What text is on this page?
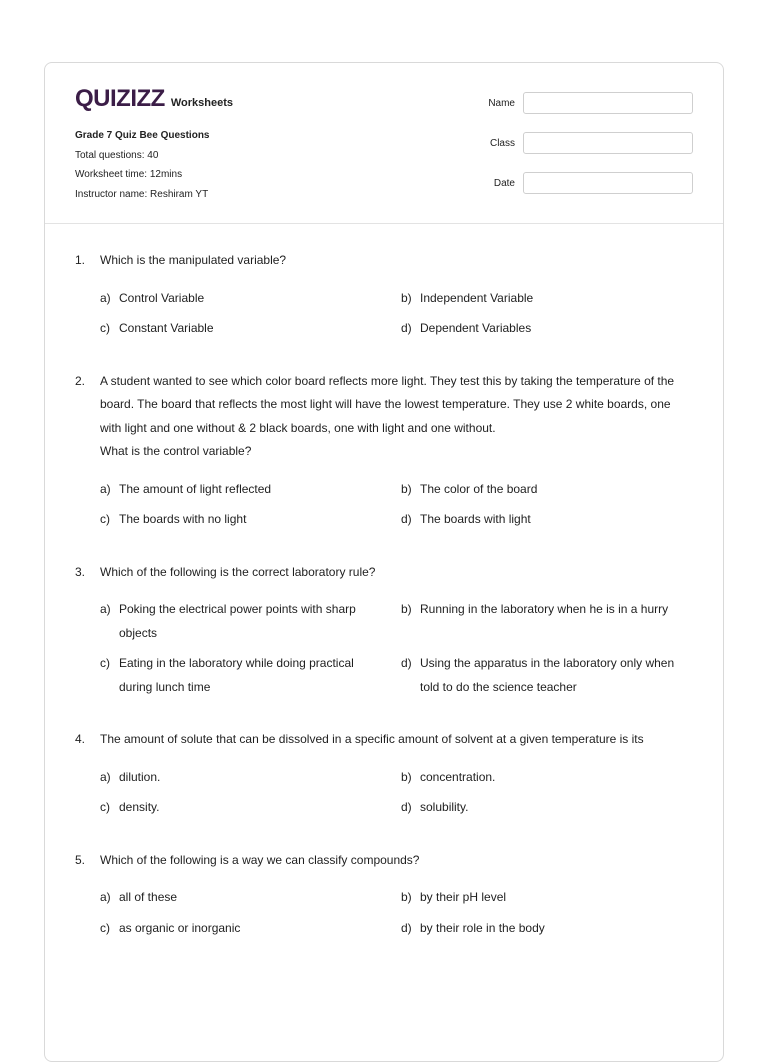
QUIZIZZ Worksheets
Grade 7 Quiz Bee Questions
Total questions: 40
Worksheet time: 12mins
Instructor name: Reshiram YT
Name
Class
Date
1.	Which is the manipulated variable?
a) Control Variable	b) Independent Variable
c) Constant Variable	d) Dependent Variables
2.	A student wanted to see which color board reflects more light. They test this by taking the temperature of the board. The board that reflects the most light will have the lowest temperature. They use 2 white boards, one with light and one without & 2 black boards, one with light and one without.
What is the control variable?
a) The amount of light reflected	b) The color of the board
c) The boards with no light	d) The boards with light
3.	Which of the following is the correct laboratory rule?
a) Poking the electrical power points with sharp objects
b) Running in the laboratory when he is in a hurry
c) Eating in the laboratory while doing practical during lunch time
d) Using the apparatus in the laboratory only when told to do the science teacher
4.	The amount of solute that can be dissolved in a specific amount of solvent at a given temperature is its
a) dilution.	b) concentration.
c) density.	d) solubility.
5.	Which of the following is a way we can classify compounds?
a) all of these	b) by their pH level
c) as organic or inorganic	d) by their role in the body
